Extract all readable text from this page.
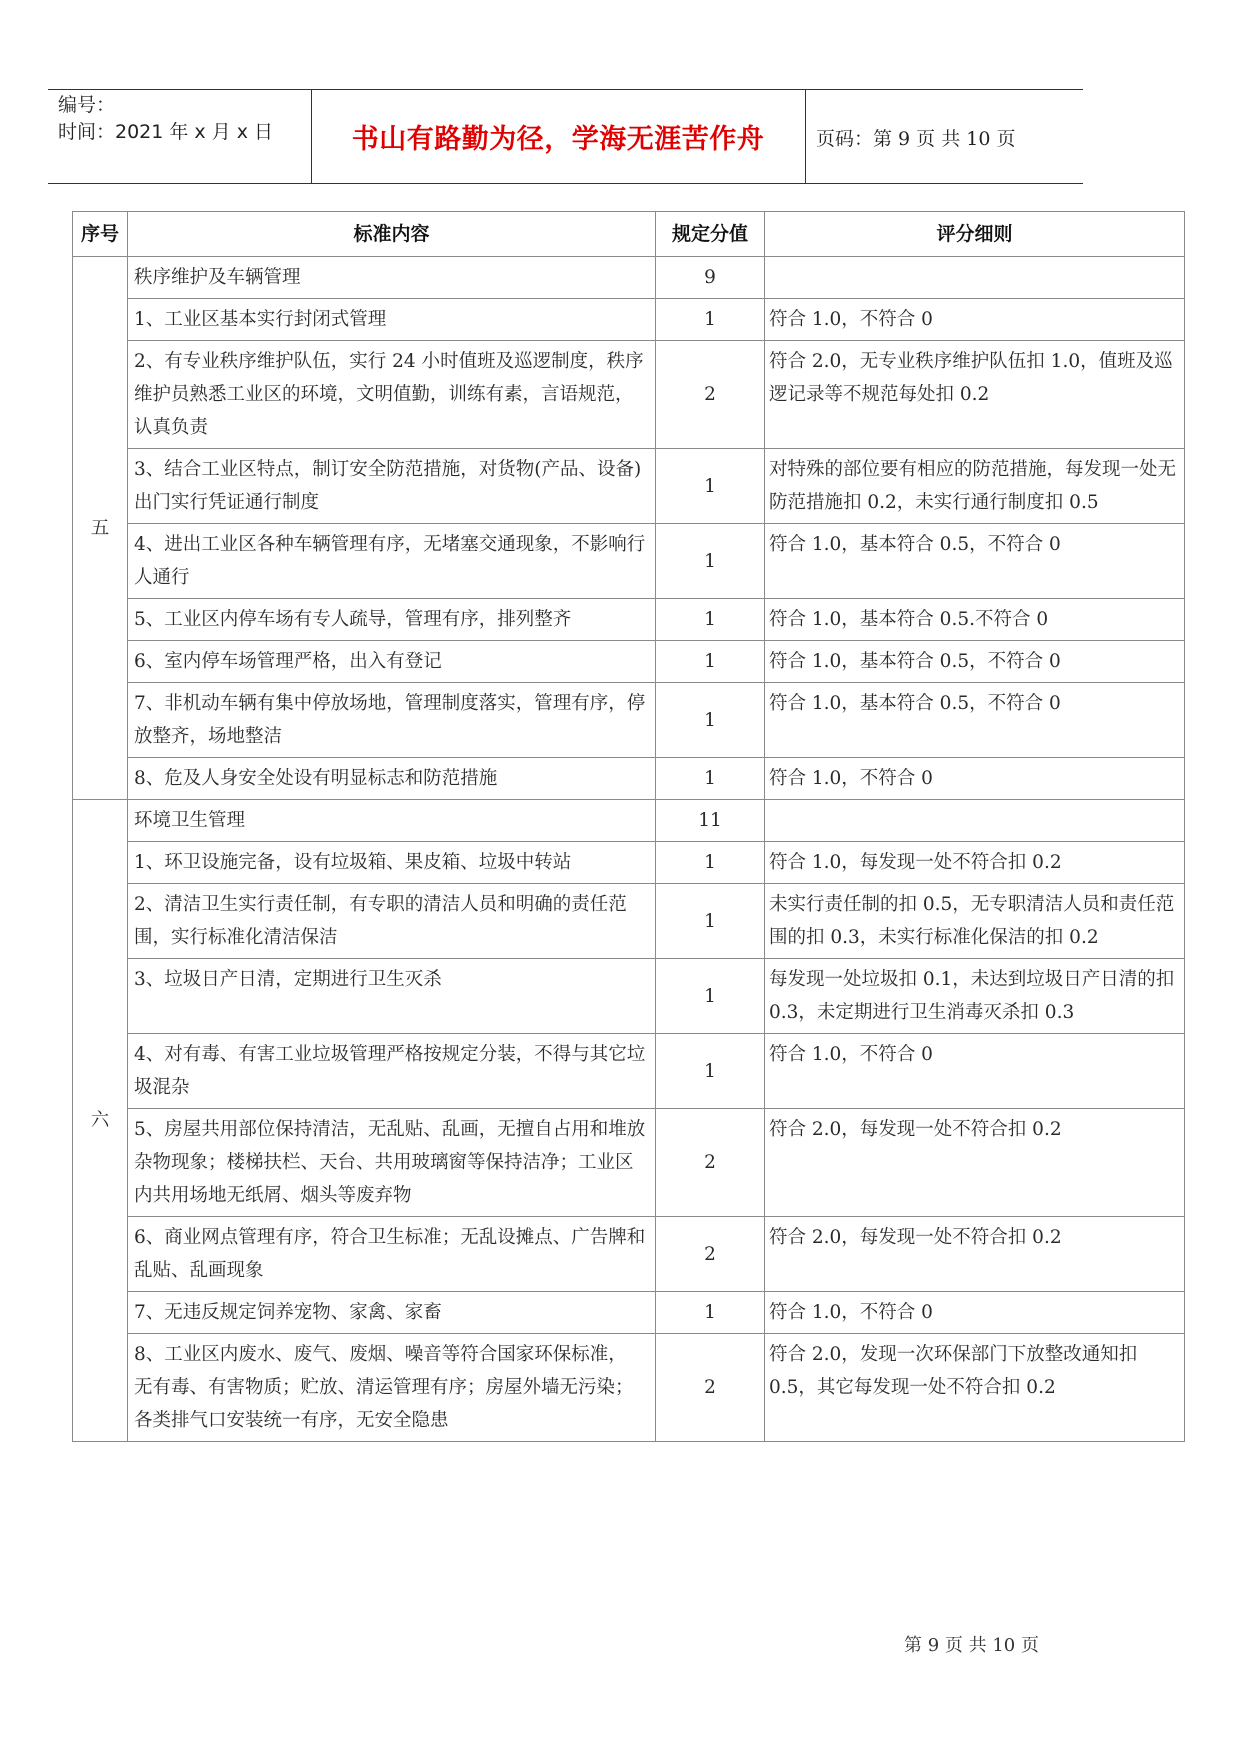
编号：
时间：2021 年 x 月 x 日	书山有路勤为径，学海无涯苦作舟	页码：第 9 页 共 10 页
序号	标准内容	规定分值	评分细则
五	秩序维护及车辆管理	9	
	1、工业区基本实行封闭式管理	1	符合 1.0，不符合 0
	2、有专业秩序维护队伍，实行 24 小时值班及巡逻制度，秩序维护员熟悉工业区的环境，文明值勤，训练有素，言语规范，认真负责	2	符合 2.0，无专业秩序维护队伍扣 1.0，值班及巡逻记录等不规范每处扣 0.2
	3、结合工业区特点，制订安全防范措施，对货物(产品、设备)出门实行凭证通行制度	1	对特殊的部位要有相应的防范措施，每发现一处无防范措施扣 0.2，未实行通行制度扣 0.5
	4、进出工业区各种车辆管理有序，无堵塞交通现象，不影响行人通行	1	符合 1.0，基本符合 0.5，不符合 0
	5、工业区内停车场有专人疏导，管理有序，排列整齐	1	符合 1.0，基本符合 0.5.不符合 0
	6、室内停车场管理严格，出入有登记	1	符合 1.0，基本符合 0.5，不符合 0
	7、非机动车辆有集中停放场地，管理制度落实，管理有序，停放整齐，场地整洁	1	符合 1.0，基本符合 0.5，不符合 0
	8、危及人身安全处设有明显标志和防范措施	1	符合 1.0，不符合 0
六	环境卫生管理	11	
	1、环卫设施完备，设有垃圾箱、果皮箱、垃圾中转站	1	符合 1.0，每发现一处不符合扣 0.2
	2、清洁卫生实行责任制，有专职的清洁人员和明确的责任范围，实行标准化清洁保洁	1	未实行责任制的扣 0.5，无专职清洁人员和责任范围的扣 0.3，未实行标准化保洁的扣 0.2
	3、垃圾日产日清，定期进行卫生灭杀	1	每发现一处垃圾扣 0.1，未达到垃圾日产日清的扣 0.3，未定期进行卫生消毒灭杀扣 0.3
	4、对有毒、有害工业垃圾管理严格按规定分装，不得与其它垃圾混杂	1	符合 1.0，不符合 0
	5、房屋共用部位保持清洁，无乱贴、乱画，无擅自占用和堆放杂物现象；楼梯扶栏、天台、共用玻璃窗等保持洁净；工业区内共用场地无纸屑、烟头等废弃物	2	符合 2.0，每发现一处不符合扣 0.2
	6、商业网点管理有序，符合卫生标准；无乱设摊点、广告牌和乱贴、乱画现象	2	符合 2.0，每发现一处不符合扣 0.2
	7、无违反规定饲养宠物、家禽、家畜	1	符合 1.0，不符合 0
	8、工业区内废水、废气、废烟、噪音等符合国家环保标准， 无有毒、有害物质；贮放、清运管理有序；房屋外墙无污染；各类排气口安装统一有序，无安全隐患	2	符合 2.0，发现一次环保部门下放整改通知扣 0.5，其它每发现一处不符合扣 0.2
第 9 页 共 10 页
